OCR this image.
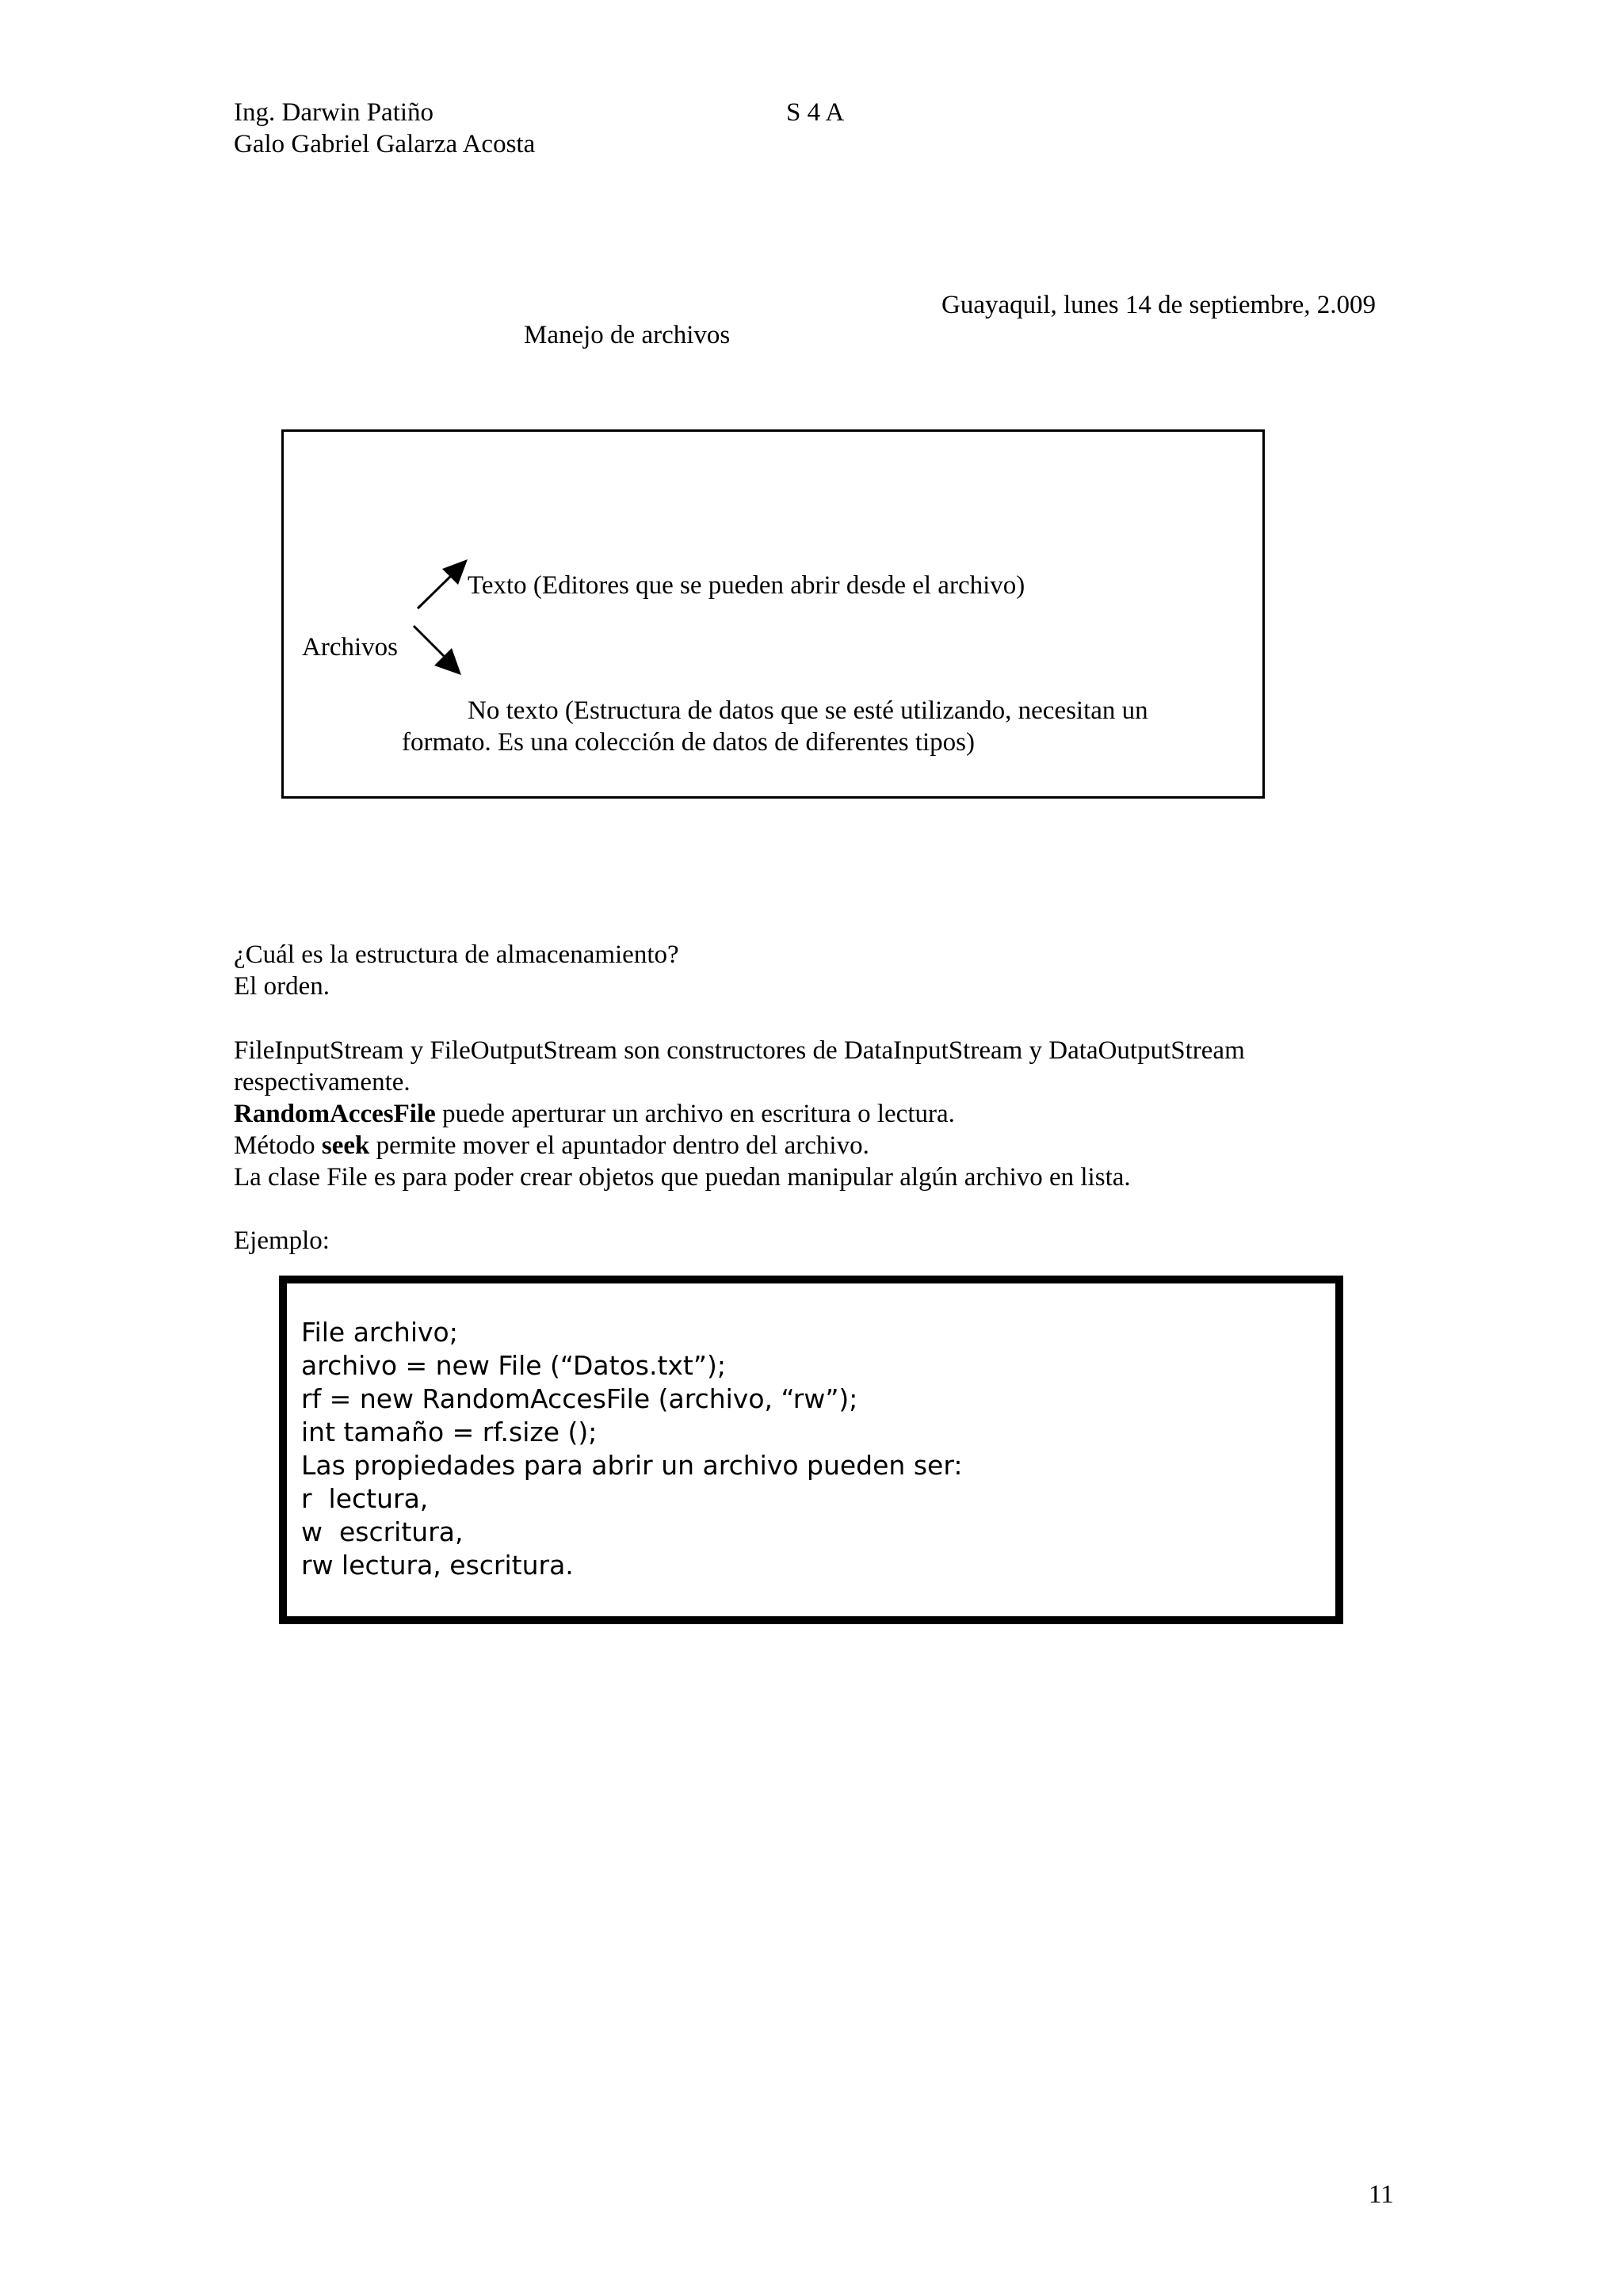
Ing. Darwin Patiño	S 4 A
Galo Gabriel Galarza Acosta
Guayaquil, lunes 14 de septiembre, 2.009
Manejo de archivos
Texto (Editores que se pueden abrir desde el archivo)
Archivos
No texto (Estructura de datos que se esté utilizando, necesitan un
formato. Es una colección de datos de diferentes tipos)
¿Cuál es la estructura de almacenamiento?
El orden.
FileInputStream y FileOutputStream son constructores de DataInputStream y DataOutputStream
respectivamente.
RandomAccesFile puede aperturar un archivo en escritura o lectura.
Método seek permite mover el apuntador dentro del archivo.
La clase File es para poder crear objetos que puedan manipular algún archivo en lista.
Ejemplo:
File archivo;
archivo = new File (“Datos.txt”);
rf = new RandomAccesFile (archivo, “rw”);
int tamaño = rf.size ();
Las propiedades para abrir un archivo pueden ser:
r  lectura,
w  escritura,
rw lectura, escritura.
11
